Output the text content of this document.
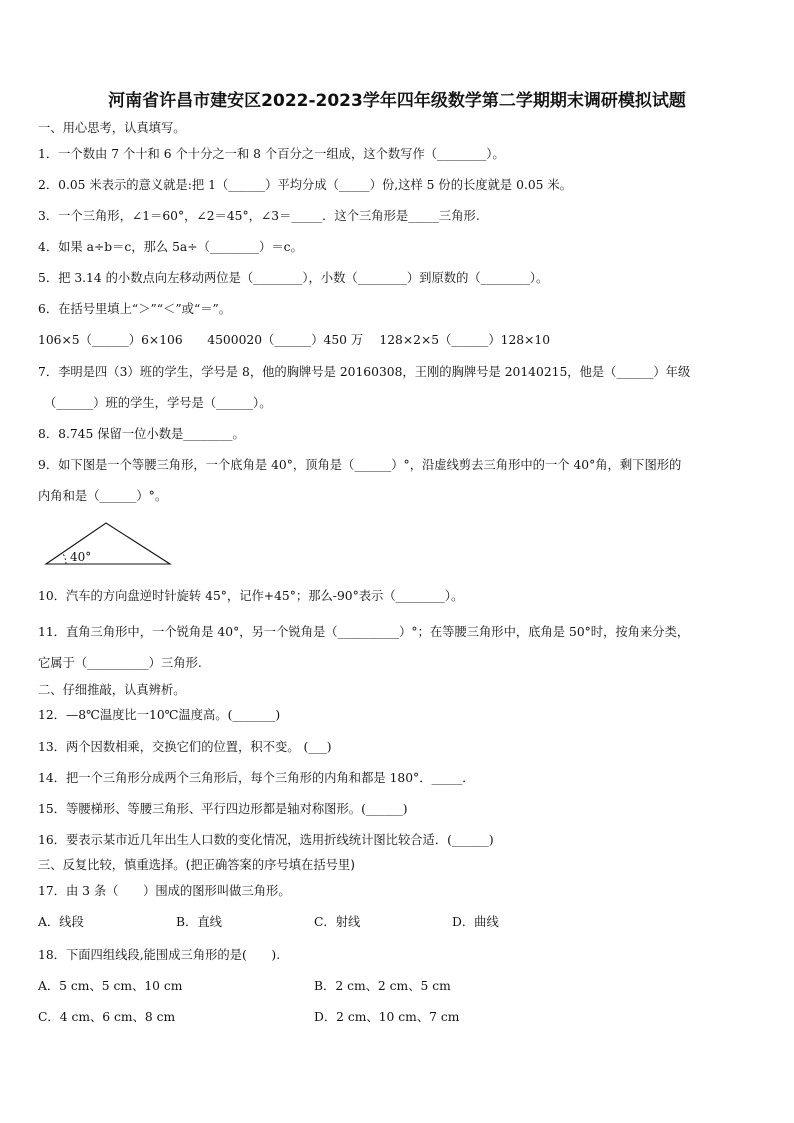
河南省许昌市建安区2022-2023学年四年级数学第二学期期末调研模拟试题
一、用心思考，认真填写。
1．一个数由 7 个十和 6 个十分之一和 8 个百分之一组成，这个数写作（________）。
2．0.05 米表示的意义就是:把 1（______）平均分成（_____）份,这样 5 份的长度就是 0.05 米。
3．一个三角形，∠1＝60°，∠2＝45°，∠3＝_____．这个三角形是_____三角形.
4．如果 a÷b＝c，那么 5a÷（________）＝c。
5．把 3.14 的小数点向左移动两位是（________），小数（________）到原数的（________）。
6．在括号里填上“＞”“＜”或“＝”。
106×5（______）6×106　　4500020（______）450 万　 128×2×5（______）128×10
7．李明是四（3）班的学生，学号是 8，他的胸牌号是 20160308，王刚的胸牌号是 20140215，他是（______）年级
（______）班的学生，学号是（______）。
8．8.745 保留一位小数是________。
9．如下图是一个等腰三角形，一个底角是 40°，顶角是（______）°，沿虚线剪去三角形中的一个 40°角，剩下图形的
内角和是（______）°。
40°
10．汽车的方向盘逆时针旋转 45°，记作+45°；那么-90°表示（________）。
11．直角三角形中，一个锐角是 40°，另一个锐角是（__________）°；在等腰三角形中，底角是 50°时，按角来分类，
它属于（__________）三角形.
二、仔细推敲，认真辨析。
12．—8℃温度比一10℃温度高。(_______)
13．两个因数相乘，交换它们的位置，积不变。 (___)
14．把一个三角形分成两个三角形后，每个三角形的内角和都是 180°．_____．
15．等腰梯形、等腰三角形、平行四边形都是轴对称图形。(______)
16．要表示某市近几年出生人口数的变化情况，选用折线统计图比较合适．(______)
三、反复比较，慎重选择。(把正确答案的序号填在括号里)
17．由 3 条（　　）围成的图形叫做三角形。
A．线段	B．直线	C．射线	D．曲线
18．下面四组线段,能围成三角形的是(　　).
A．5 cm、5 cm、10 cm	B．2 cm、2 cm、5 cm
C．4 cm、6 cm、8 cm	D．2 cm、10 cm、7 cm
